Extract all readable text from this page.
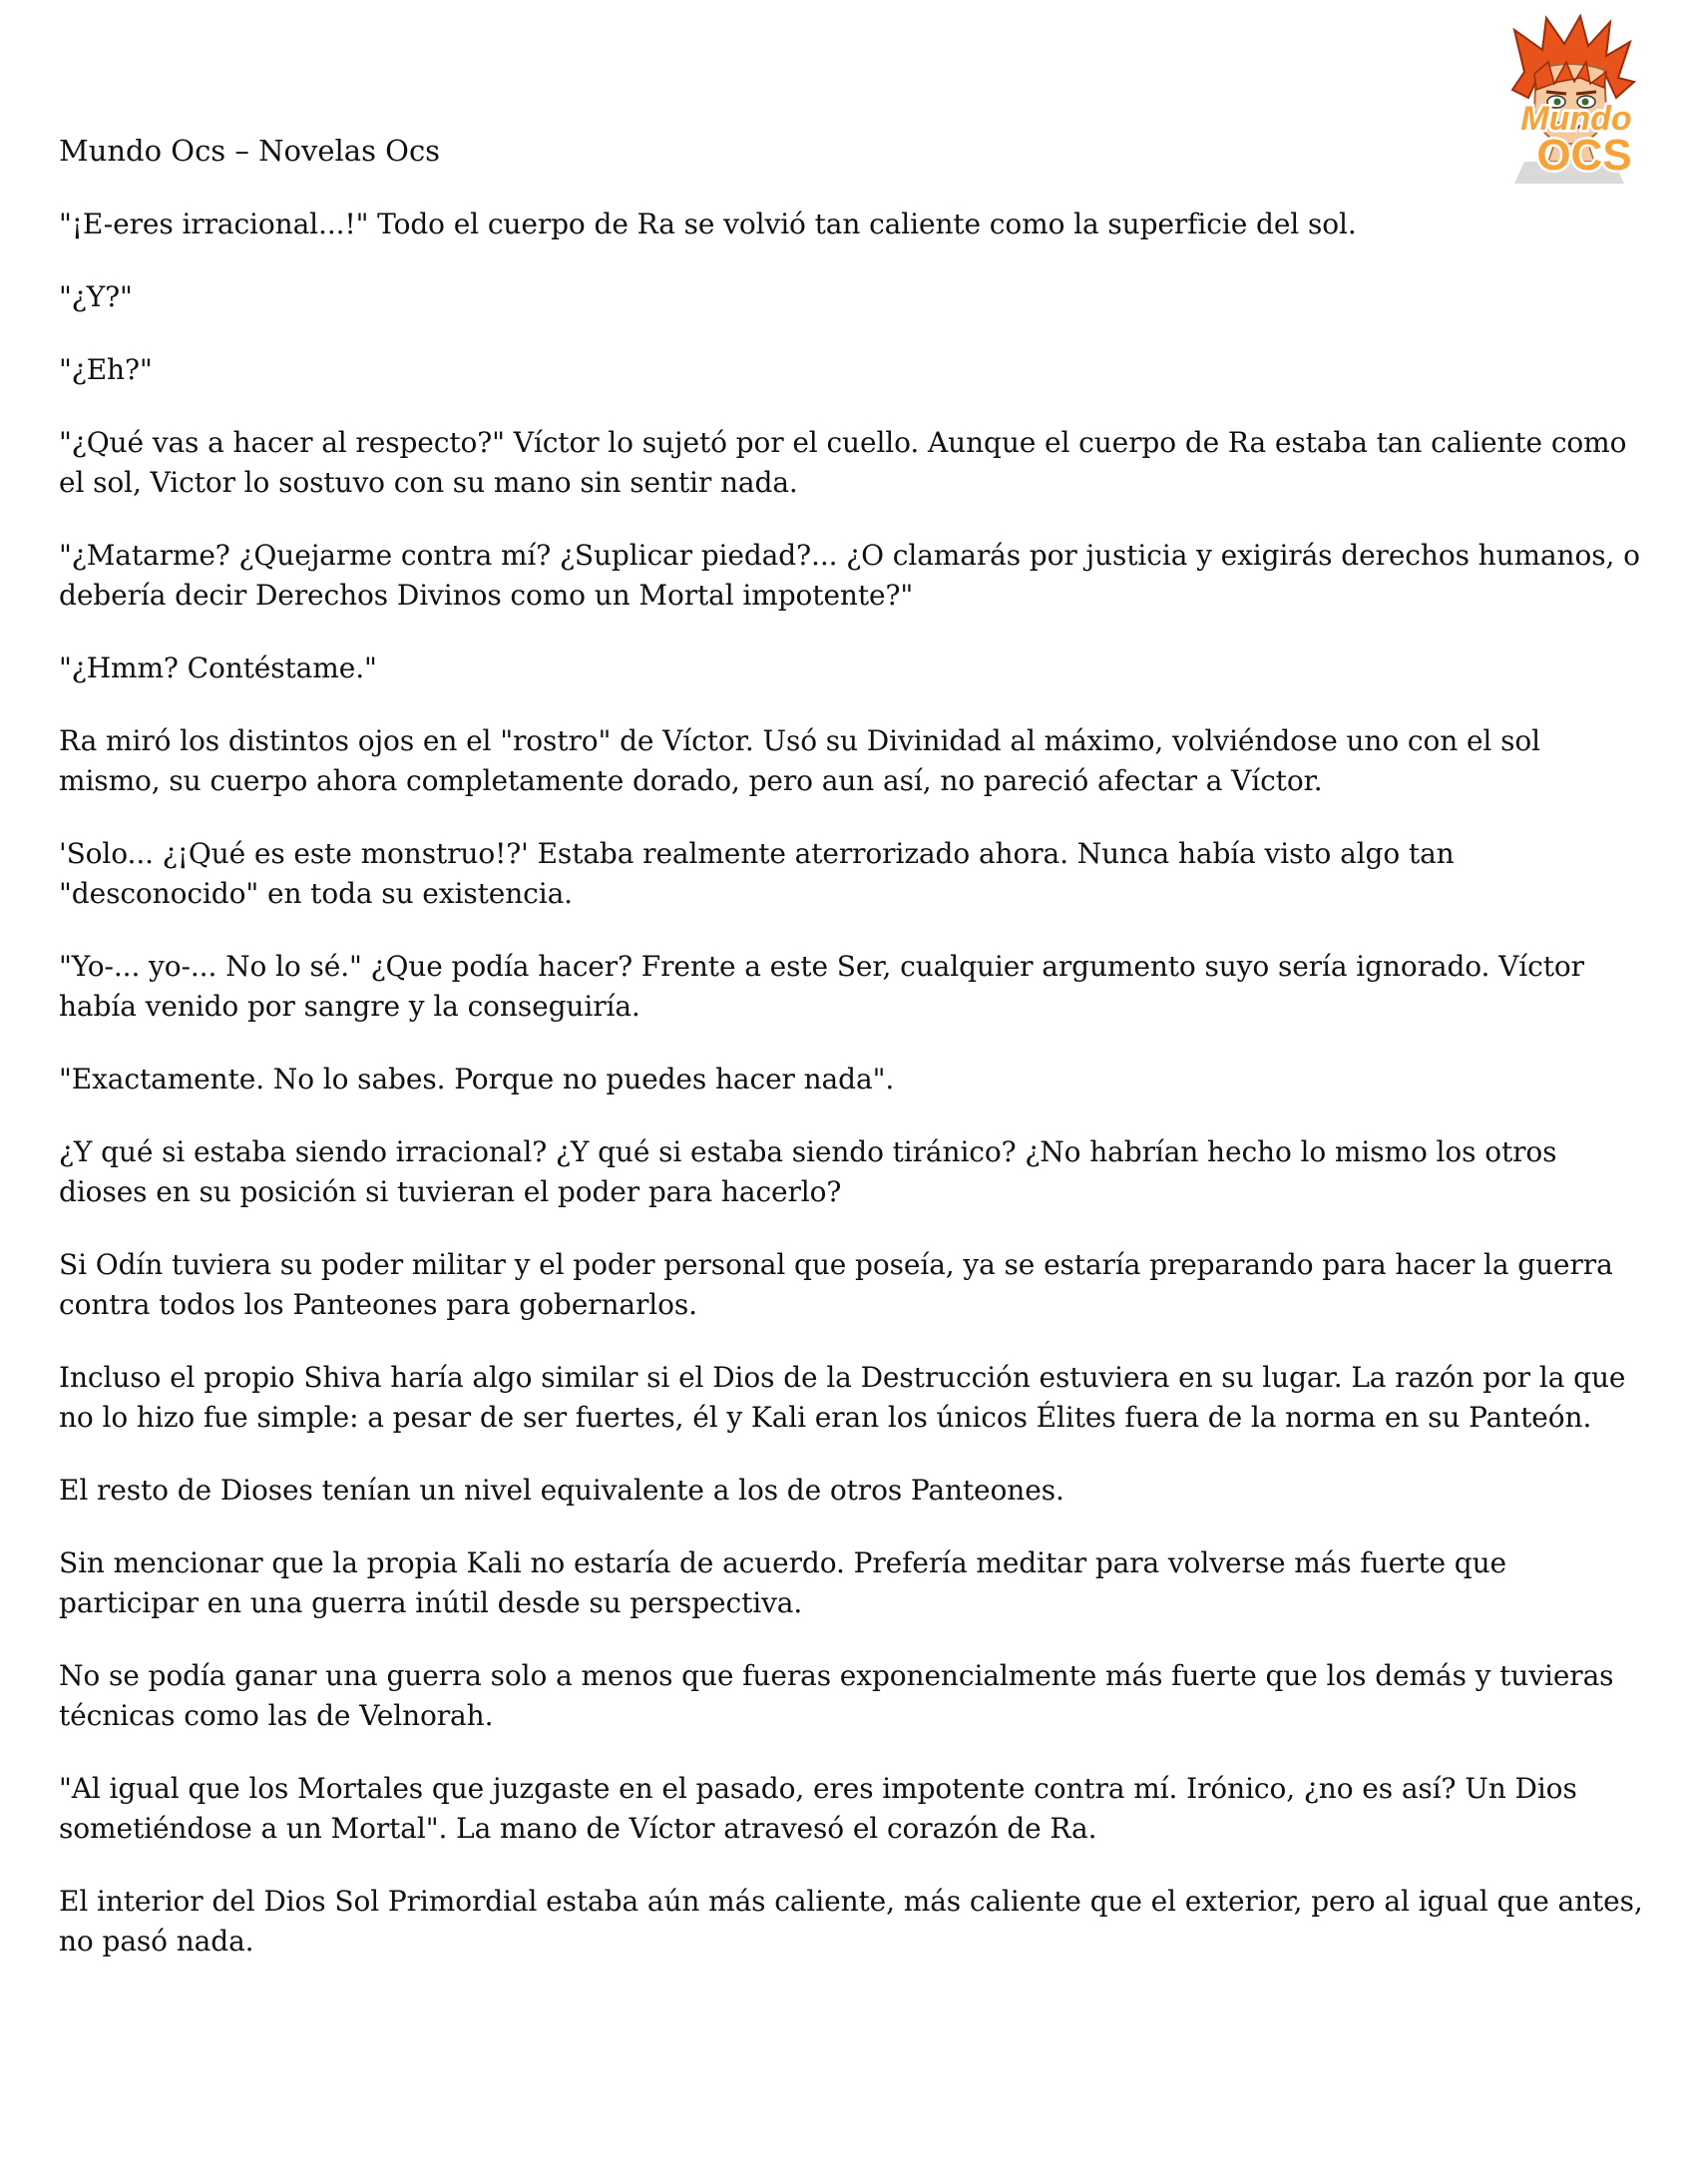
Mundo
OCS
Mundo Ocs – Novelas Ocs

"¡E-eres irracional...!" Todo el cuerpo de Ra se volvió tan caliente como la superficie del sol.

"¿Y?"

"¿Eh?"

"¿Qué vas a hacer al respecto?" Víctor lo sujetó por el cuello. Aunque el cuerpo de Ra estaba tan caliente como el sol, Victor lo sostuvo con su mano sin sentir nada.

"¿Matarme? ¿Quejarme contra mí? ¿Suplicar piedad?... ¿O clamarás por justicia y exigirás derechos humanos, o debería decir Derechos Divinos como un Mortal impotente?"

"¿Hmm? Contéstame."

Ra miró los distintos ojos en el "rostro" de Víctor. Usó su Divinidad al máximo, volviéndose uno con el sol mismo, su cuerpo ahora completamente dorado, pero aun así, no pareció afectar a Víctor.

'Solo... ¿¡Qué es este monstruo!?' Estaba realmente aterrorizado ahora. Nunca había visto algo tan "desconocido" en toda su existencia.

"Yo-... yo-... No lo sé." ¿Que podía hacer? Frente a este Ser, cualquier argumento suyo sería ignorado. Víctor había venido por sangre y la conseguiría.

"Exactamente. No lo sabes. Porque no puedes hacer nada".

¿Y qué si estaba siendo irracional? ¿Y qué si estaba siendo tiránico? ¿No habrían hecho lo mismo los otros dioses en su posición si tuvieran el poder para hacerlo?

Si Odín tuviera su poder militar y el poder personal que poseía, ya se estaría preparando para hacer la guerra contra todos los Panteones para gobernarlos.

Incluso el propio Shiva haría algo similar si el Dios de la Destrucción estuviera en su lugar. La razón por la que no lo hizo fue simple: a pesar de ser fuertes, él y Kali eran los únicos Élites fuera de la norma en su Panteón.

El resto de Dioses tenían un nivel equivalente a los de otros Panteones.

Sin mencionar que la propia Kali no estaría de acuerdo. Prefería meditar para volverse más fuerte que participar en una guerra inútil desde su perspectiva.

No se podía ganar una guerra solo a menos que fueras exponencialmente más fuerte que los demás y tuvieras técnicas como las de Velnorah.

"Al igual que los Mortales que juzgaste en el pasado, eres impotente contra mí. Irónico, ¿no es así? Un Dios sometiéndose a un Mortal". La mano de Víctor atravesó el corazón de Ra.

El interior del Dios Sol Primordial estaba aún más caliente, más caliente que el exterior, pero al igual que antes, no pasó nada.
